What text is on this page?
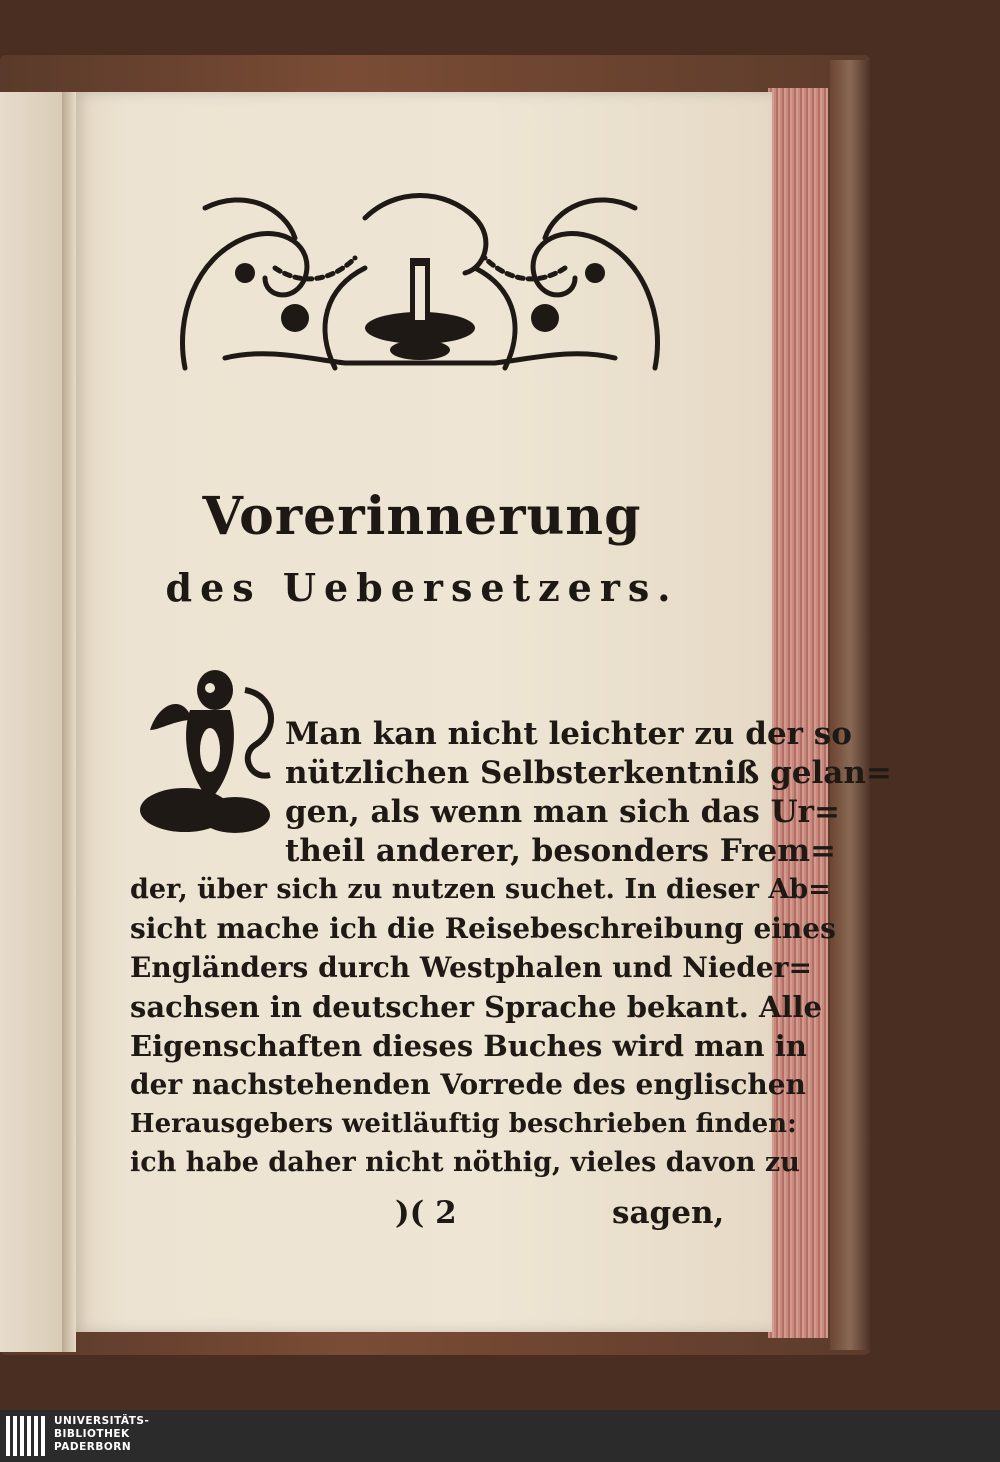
Vorerinnerung
des Uebersetzers.

Man kan nicht leichter zu der so

nützlichen Selbsterkentniß gelan=

gen, als wenn man sich das Ur=

theil anderer, besonders Frem=

der, über sich zu nutzen suchet. In dieser Ab=

sicht mache ich die Reisebeschreibung eines

Engländers durch Westphalen und Nieder=

sachsen in deutscher Sprache bekant. Alle

Eigenschaften dieses Buches wird man in

der nachstehenden Vorrede des englischen

Herausgebers weitläuftig beschrieben finden:

ich habe daher nicht nöthig, vieles davon zu

)( 2	sagen,

UNIVERSITÄTS-
BIBLIOTHEK
PADERBORN
